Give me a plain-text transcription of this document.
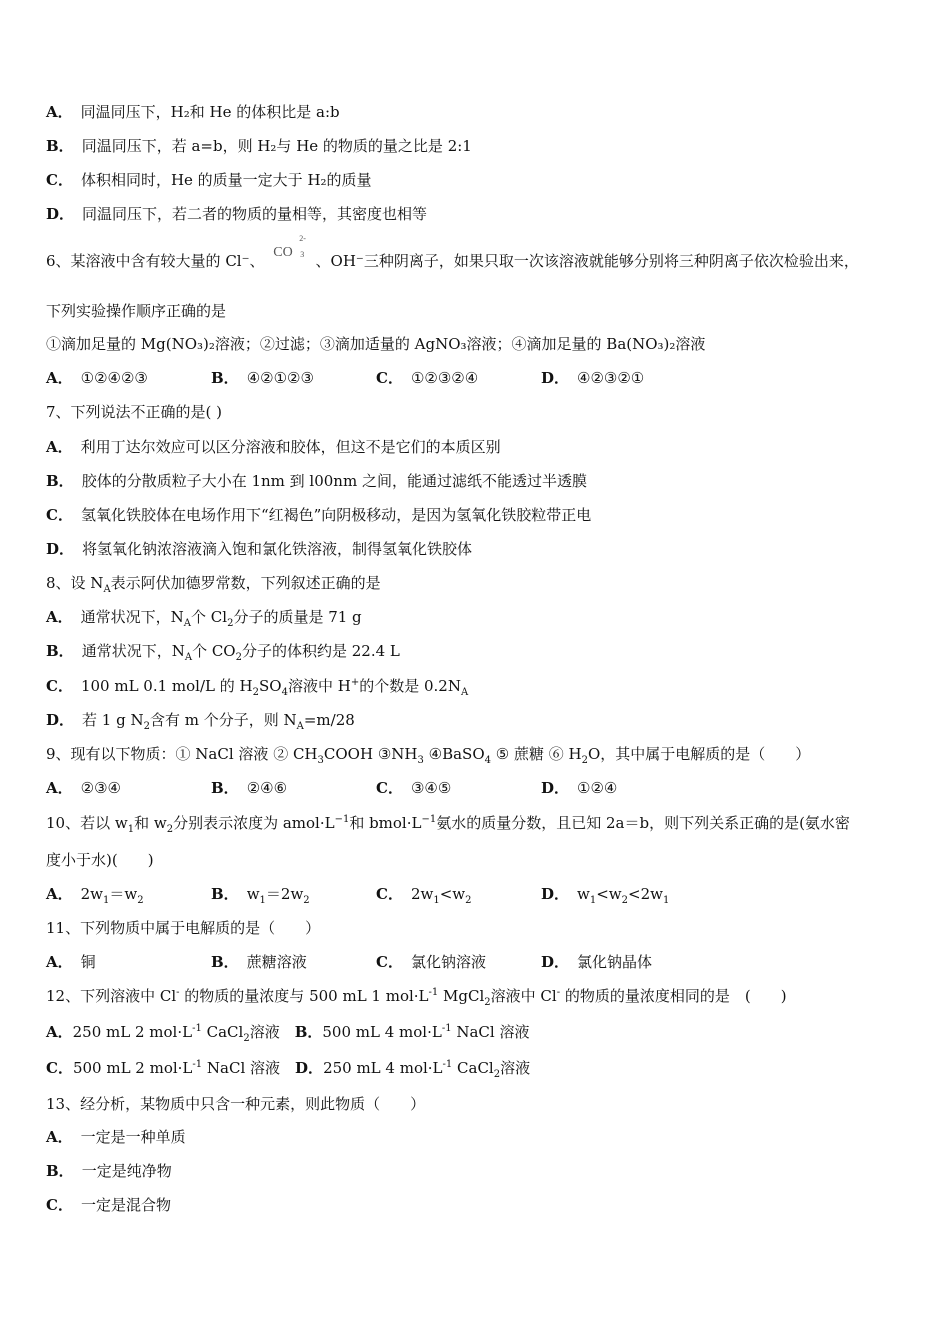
A． 同温同压下，H₂和 He 的体积比是 a:b
B． 同温同压下，若 a=b，则 H₂与 He 的物质的量之比是 2:1
C． 体积相同时，He 的质量一定大于 H₂的质量
D． 同温同压下，若二者的物质的量相等，其密度也相等
6、某溶液中含有较大量的 Cl⁻、 CO
2-
3 、OH⁻三种阴离子，如果只取一次该溶液就能够分别将三种阴离子依次检验出来，
下列实验操作顺序正确的是
①滴加足量的 Mg(NO₃)₂溶液；②过滤；③滴加适量的 AgNO₃溶液；④滴加足量的 Ba(NO₃)₂溶液
A． ①②④②③	B． ④②①②③	C． ①②③②④	D． ④②③②①
7、下列说法不正确的是( )
A． 利用丁达尔效应可以区分溶液和胶体，但这不是它们的本质区别
B． 胶体的分散质粒子大小在 1nm 到 l00nm 之间，能通过滤纸不能透过半透膜
C． 氢氧化铁胶体在电场作用下“红褐色”向阴极移动，是因为氢氧化铁胶粒带正电
D． 将氢氧化钠浓溶液滴入饱和氯化铁溶液，制得氢氧化铁胶体
8、设 $N_A$表示阿伏加德罗常数，下列叙述正确的是
A． 通常状况下，$N_A$个 $Cl_2$分子的质量是 71 g
B． 通常状况下，$N_A$个 $CO_2$分子的体积约是 22.4 L
C． 100 mL 0.1 mol/L 的 $H_2SO_4$溶液中 H+的个数是 $0.2N_A$
D． 若 1 g $N_2$含有 m 个分子，则 $N_A=m/28$
9、现有以下物质：① NaCl 溶液 ② $CH_3COOH$ $③NH_3$ ④BaSO$_4$ ⑤ 蔗糖 ⑥ $H_2O$，其中属于电解质的是（　　）
A． ②③④	B． ②④⑥	C． ③④⑤	D． ①②④
10、若以 $w_1$和 $w_2$分别表示浓度为 $amol\cdot L^{-1}$和 $bmol\cdot L^{-1}$氨水的质量分数，且已知 2a＝b，则下列关系正确的是(氨水密
度小于水)(　　)
A． $2w_1=w_2$	B． $w_1=2w_2$	C． $2w_1<w_2$	D． $w_1<w_2<2w_1$
11、下列物质中属于电解质的是（　　）
A． 铜	B． 蔗糖溶液	C． 氯化钠溶液	D． 氯化钠晶体
12、下列溶液中 Cl- 的物质的量浓度与 500 mL 1 $mol\cdot L^{-1}$ MgCl$_2$溶液中 Cl- 的物质的量浓度相同的是　(　　)
A．250 mL 2 $mol\cdot L^{-1}$ CaCl$_2$溶液　B．500 mL 4 $mol\cdot L^{-1}$ NaCl 溶液
C．500 mL 2 $mol\cdot L^{-1}$ NaCl 溶液　D．250 mL 4 $mol\cdot L^{-1}$ CaCl$_2$溶液
13、经分析，某物质中只含一种元素，则此物质（　　）
A． 一定是一种单质
B． 一定是纯净物
C． 一定是混合物
